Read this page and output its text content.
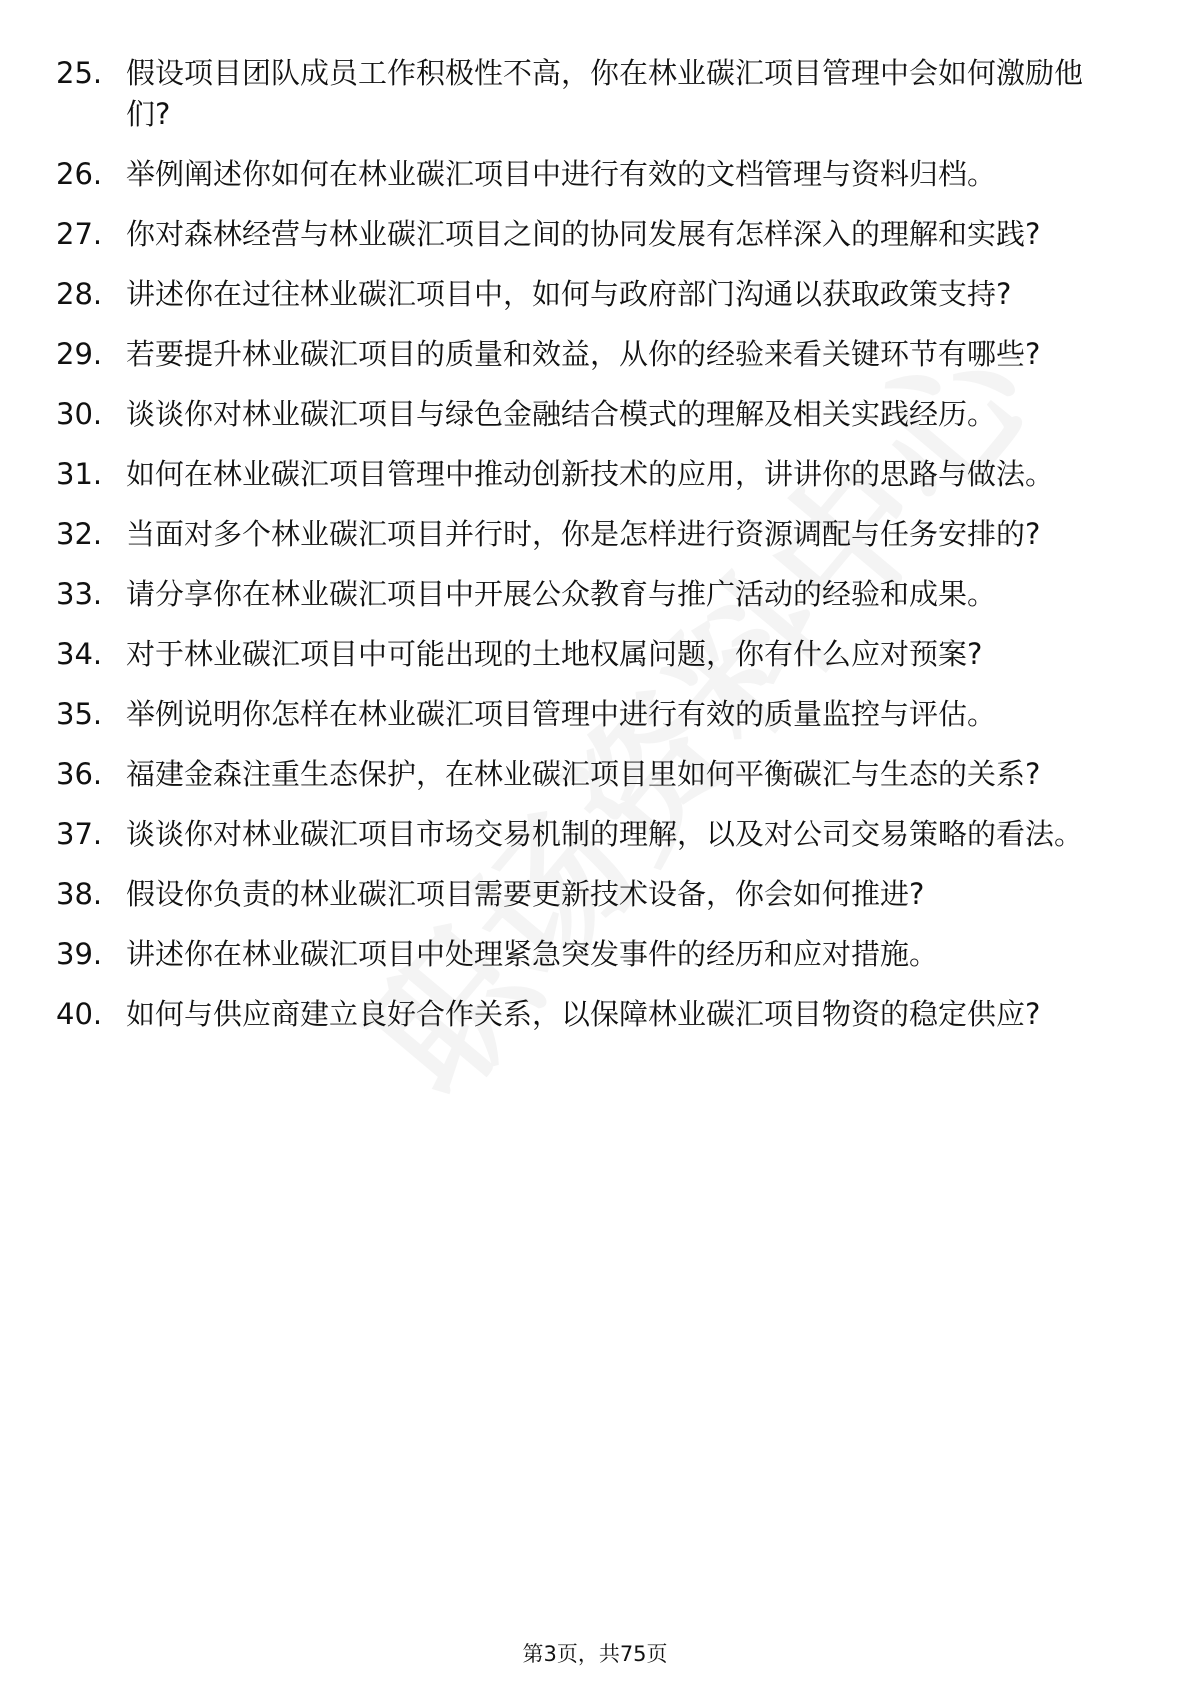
25. 假设项目团队成员工作积极性不高，你在林业碳汇项目管理中会如何激励他们?
26. 举例阐述你如何在林业碳汇项目中进行有效的文档管理与资料归档。
27. 你对森林经营与林业碳汇项目之间的协同发展有怎样深入的理解和实践?
28. 讲述你在过往林业碳汇项目中，如何与政府部门沟通以获取政策支持?
29. 若要提升林业碳汇项目的质量和效益，从你的经验来看关键环节有哪些?
30. 谈谈你对林业碳汇项目与绿色金融结合模式的理解及相关实践经历。
31. 如何在林业碳汇项目管理中推动创新技术的应用，讲讲你的思路与做法。
32. 当面对多个林业碳汇项目并行时，你是怎样进行资源调配与任务安排的?
33. 请分享你在林业碳汇项目中开展公众教育与推广活动的经验和成果。
34. 对于林业碳汇项目中可能出现的土地权属问题，你有什么应对预案?
35. 举例说明你怎样在林业碳汇项目管理中进行有效的质量监控与评估。
36. 福建金森注重生态保护，在林业碳汇项目里如何平衡碳汇与生态的关系?
37. 谈谈你对林业碳汇项目市场交易机制的理解，以及对公司交易策略的看法。
38. 假设你负责的林业碳汇项目需要更新技术设备，你会如何推进?
39. 讲述你在林业碳汇项目中处理紧急突发事件的经历和应对措施。
40. 如何与供应商建立良好合作关系，以保障林业碳汇项目物资的稳定供应?
第3页，共75页
